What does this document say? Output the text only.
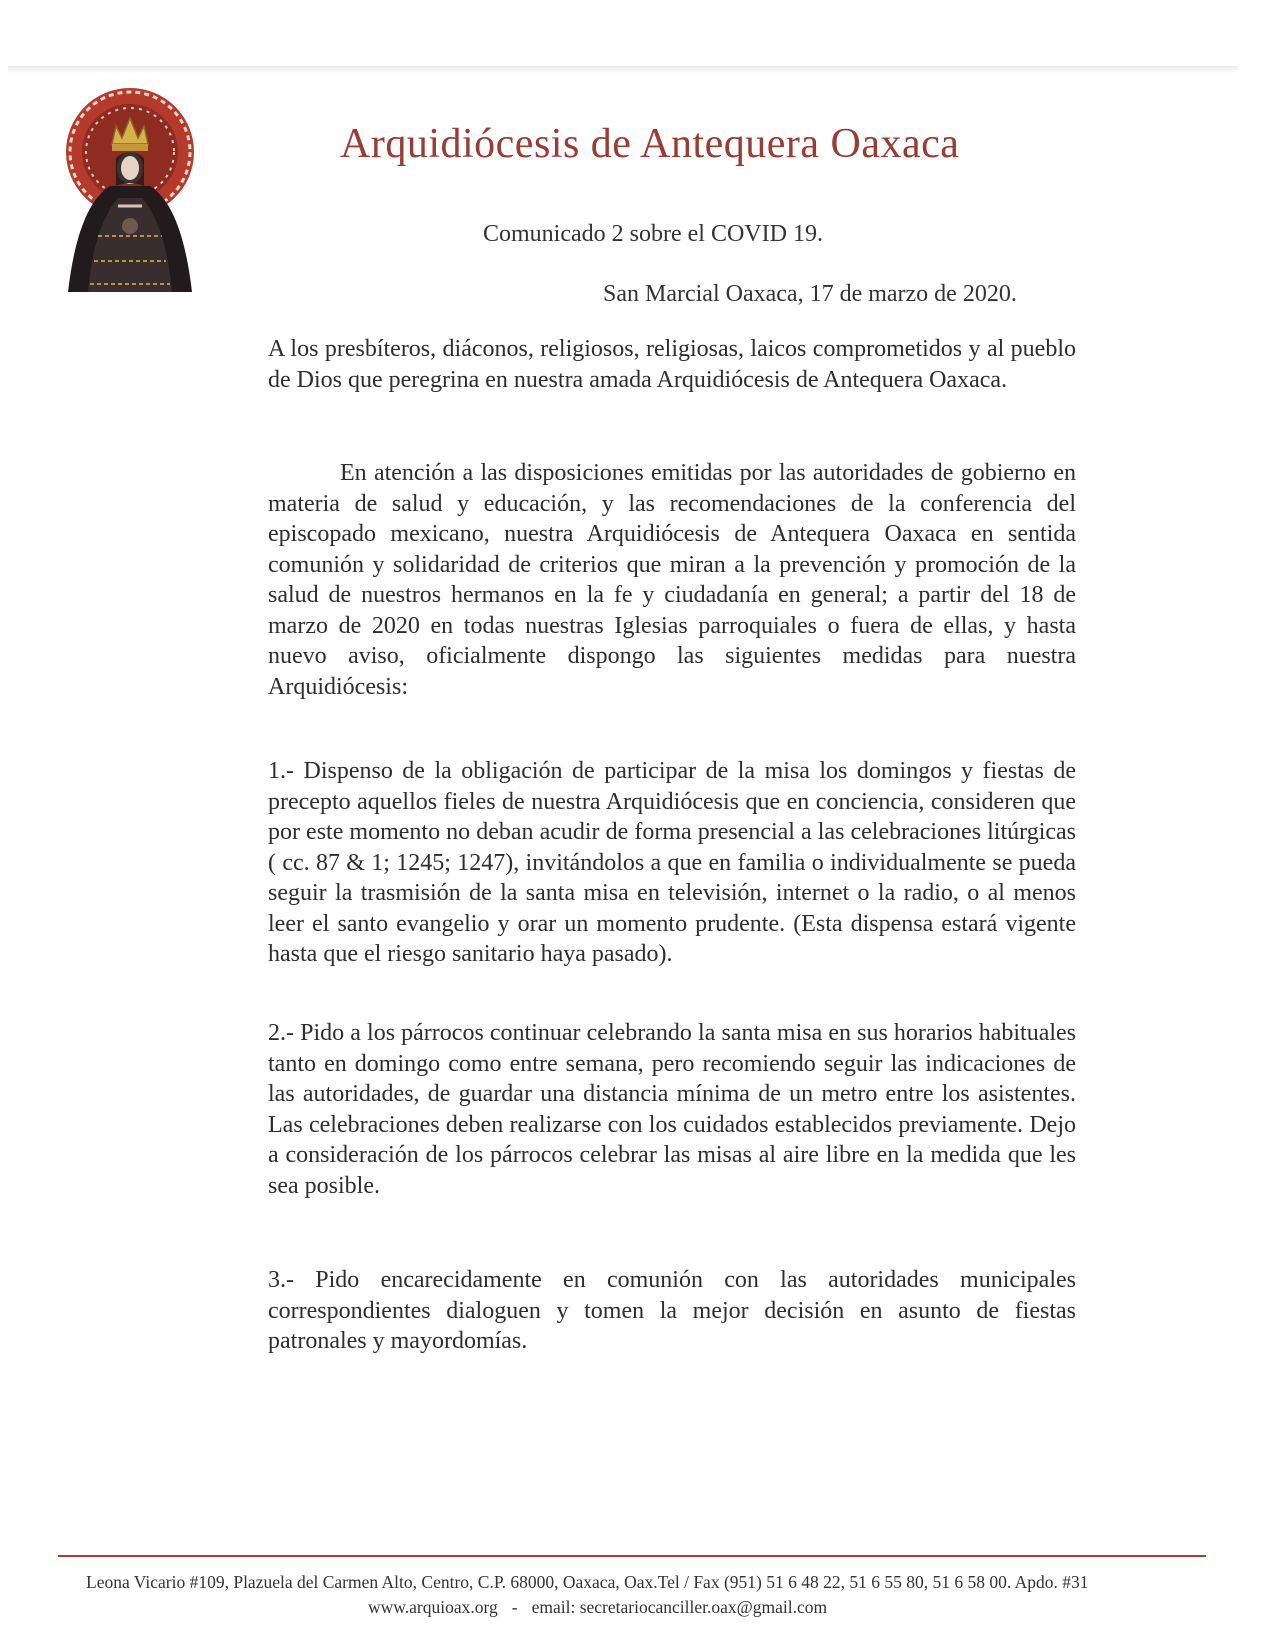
Arquidiócesis de Antequera Oaxaca
Comunicado 2 sobre el COVID 19.
San Marcial Oaxaca, 17 de marzo de 2020.

A los presbíteros, diáconos, religiosos, religiosas, laicos comprometidos y al pueblo de Dios que peregrina en nuestra amada Arquidiócesis de Antequera Oaxaca.

En atención a las disposiciones emitidas por las autoridades de gobierno en materia de salud y educación, y las recomendaciones de la conferencia del episcopado mexicano, nuestra Arquidiócesis de Antequera Oaxaca en sentida comunión y solidaridad de criterios que miran a la prevención y promoción de la salud de nuestros hermanos en la fe y ciudadanía en general; a partir del 18 de marzo de 2020 en todas nuestras Iglesias parroquiales o fuera de ellas, y hasta nuevo aviso, oficialmente dispongo las siguientes medidas para nuestra Arquidiócesis:

1.- Dispenso de la obligación de participar de la misa los domingos y fiestas de precepto aquellos fieles de nuestra Arquidiócesis que en conciencia, consideren que por este momento no deban acudir de forma presencial a las celebraciones litúrgicas ( cc. 87 & 1; 1245; 1247), invitándolos a que en familia o individualmente se pueda seguir la trasmisión de la santa misa en televisión, internet o la radio, o al menos leer el santo evangelio y orar un momento prudente. (Esta dispensa estará vigente hasta que el riesgo sanitario haya pasado).

2.- Pido a los párrocos continuar celebrando la santa misa en sus horarios habituales tanto en domingo como entre semana, pero recomiendo seguir las indicaciones de las autoridades, de guardar una distancia mínima de un metro entre los asistentes. Las celebraciones deben realizarse con los cuidados establecidos previamente. Dejo a consideración de los párrocos celebrar las misas al aire libre en la medida que les sea posible.

3.- Pido encarecidamente en comunión con las autoridades municipales correspondientes dialoguen y tomen la mejor decisión en asunto de fiestas patronales y mayordomías.

Leona Vicario #109, Plazuela del Carmen Alto, Centro, C.P. 68000, Oaxaca, Oax.Tel / Fax (951) 51 6 48 22, 51 6 55 80, 51 6 58 00. Apdo. #31
www.arquioax.org - email: secretariocanciller.oax@gmail.com
